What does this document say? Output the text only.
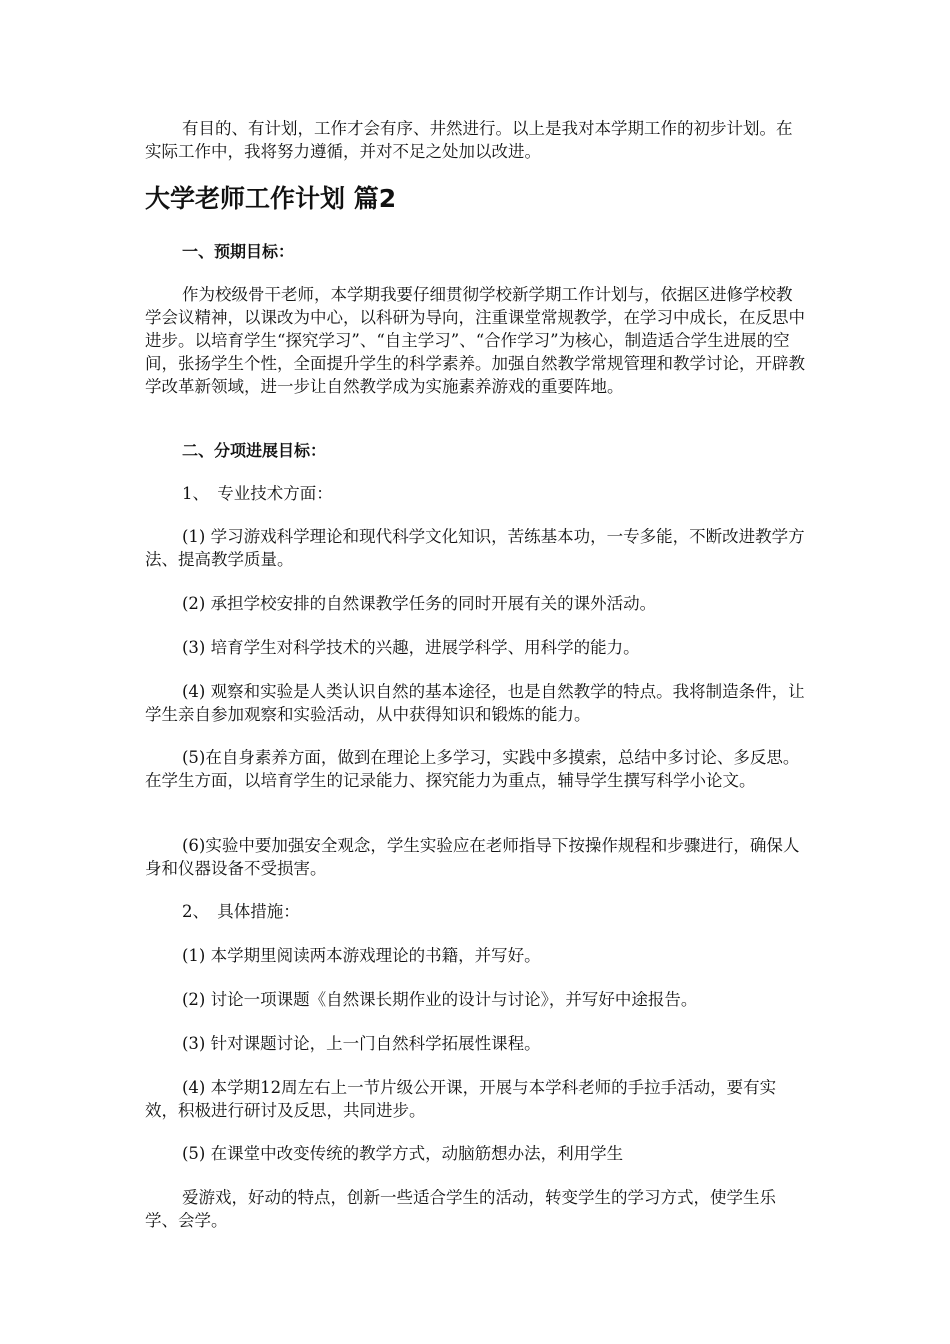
有目的、有计划，工作才会有序、井然进行。以上是我对本学期工作的初步计划。在实际工作中，我将努力遵循，并对不足之处加以改进。

大学老师工作计划 篇2

一、预期目标：

作为校级骨干老师，本学期我要仔细贯彻学校新学期工作计划与，依据区进修学校教学会议精神，以课改为中心，以科研为导向，注重课堂常规教学，在学习中成长，在反思中进步。以培育学生“探究学习”、“自主学习”、“合作学习”为核心，制造适合学生进展的空间，张扬学生个性，全面提升学生的科学素养。加强自然教学常规管理和教学讨论，开辟教学改革新领域，进一步让自然教学成为实施素养游戏的重要阵地。

二、分项进展目标：

1、　专业技术方面：

(1) 学习游戏科学理论和现代科学文化知识，苦练基本功，一专多能，不断改进教学方法、提高教学质量。

(2) 承担学校安排的自然课教学任务的同时开展有关的课外活动。

(3) 培育学生对科学技术的兴趣，进展学科学、用科学的能力。

(4) 观察和实验是人类认识自然的基本途径，也是自然教学的特点。我将制造条件，让学生亲自参加观察和实验活动，从中获得知识和锻炼的能力。

(5)在自身素养方面，做到在理论上多学习，实践中多摸索，总结中多讨论、多反思。在学生方面，以培育学生的记录能力、探究能力为重点，辅导学生撰写科学小论文。

(6)实验中要加强安全观念，学生实验应在老师指导下按操作规程和步骤进行，确保人身和仪器设备不受损害。

2、　具体措施：

(1) 本学期里阅读两本游戏理论的书籍，并写好。

(2) 讨论一项课题《自然课长期作业的设计与讨论》，并写好中途报告。

(3) 针对课题讨论，上一门自然科学拓展性课程。

(4) 本学期12周左右上一节片级公开课，开展与本学科老师的手拉手活动，要有实效，积极进行研讨及反思，共同进步。

(5) 在课堂中改变传统的教学方式，动脑筋想办法，利用学生

爱游戏，好动的特点，创新一些适合学生的活动，转变学生的学习方式，使学生乐学、会学。
